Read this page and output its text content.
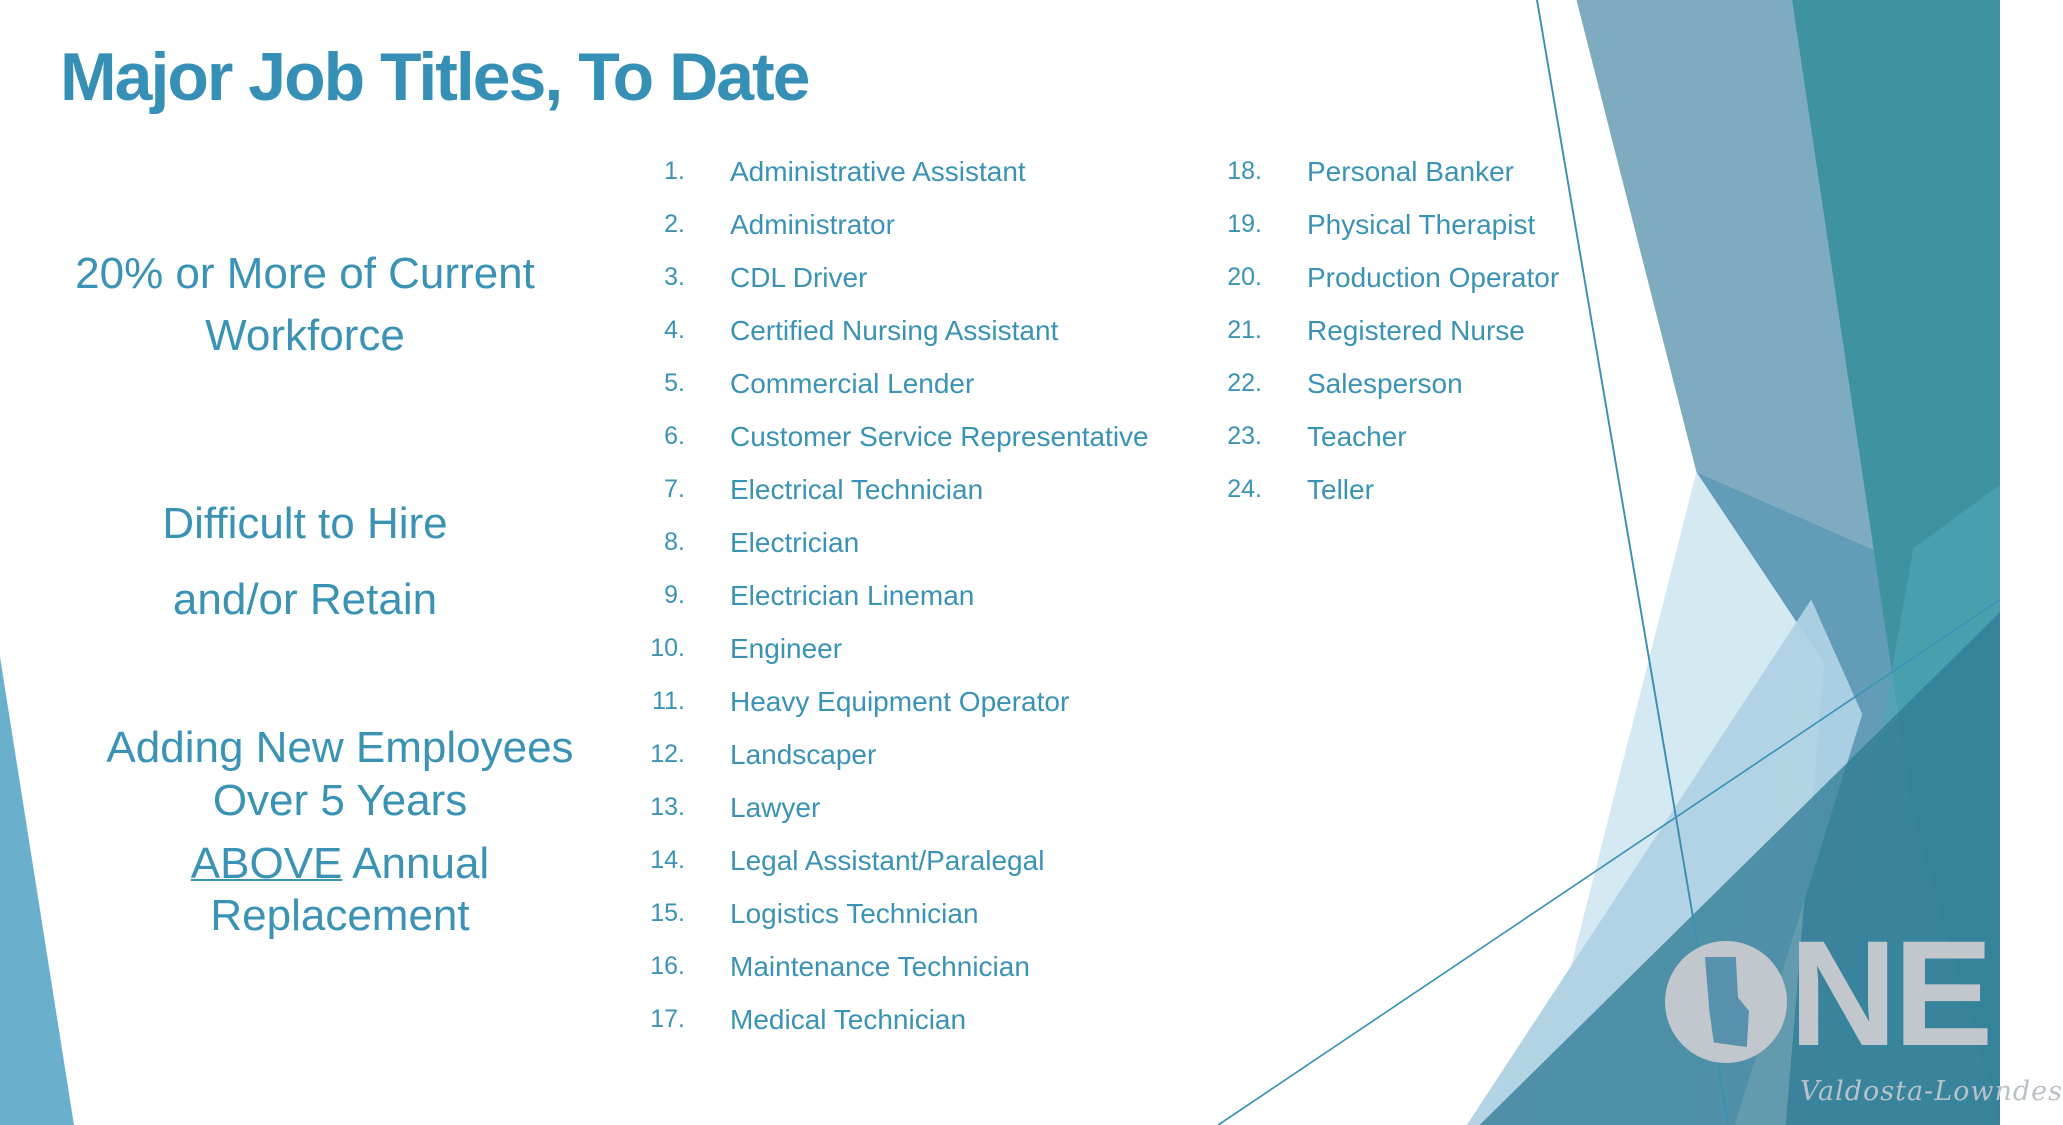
Major Job Titles, To Date
20% or More of Current
Workforce
Difficult to Hire
and/or Retain
Adding New Employees
Over 5 Years
ABOVE Annual
Replacement
1. Administrative Assistant
2. Administrator
3. CDL Driver
4. Certified Nursing Assistant
5. Commercial Lender
6. Customer Service Representative
7. Electrical Technician
8. Electrician
9. Electrician Lineman
10. Engineer
11. Heavy Equipment Operator
12. Landscaper
13. Lawyer
14. Legal Assistant/Paralegal
15. Logistics Technician
16. Maintenance Technician
17. Medical Technician
18. Personal Banker
19. Physical Therapist
20. Production Operator
21. Registered Nurse
22. Salesperson
23. Teacher
24. Teller
NE
Valdosta-Lowndes
